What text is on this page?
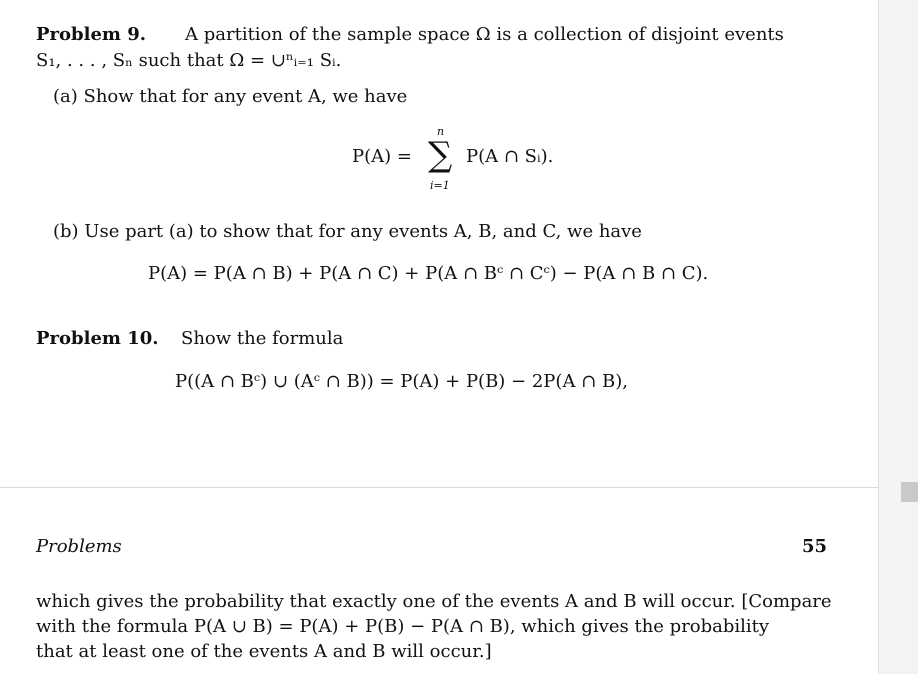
Problem 9. A partition of the sample space Ω is a collection of disjoint events
S₁, . . . , Sₙ such that Ω = ∪ⁿᵢ₌₁ Sᵢ.
(a) Show that for any event A, we have
P(A) =
n
∑
i=1
P(A ∩ Sᵢ).
(b) Use part (a) to show that for any events A, B, and C, we have
P(A) = P(A ∩ B) + P(A ∩ C) + P(A ∩ Bᶜ ∩ Cᶜ) − P(A ∩ B ∩ C).
Problem 10. Show the formula
P((A ∩ Bᶜ) ∪ (Aᶜ ∩ B)) = P(A) + P(B) − 2P(A ∩ B),
Problems	55
which gives the probability that exactly one of the events A and B will occur. [Compare
with the formula P(A ∪ B) = P(A) + P(B) − P(A ∩ B), which gives the probability
that at least one of the events A and B will occur.]
